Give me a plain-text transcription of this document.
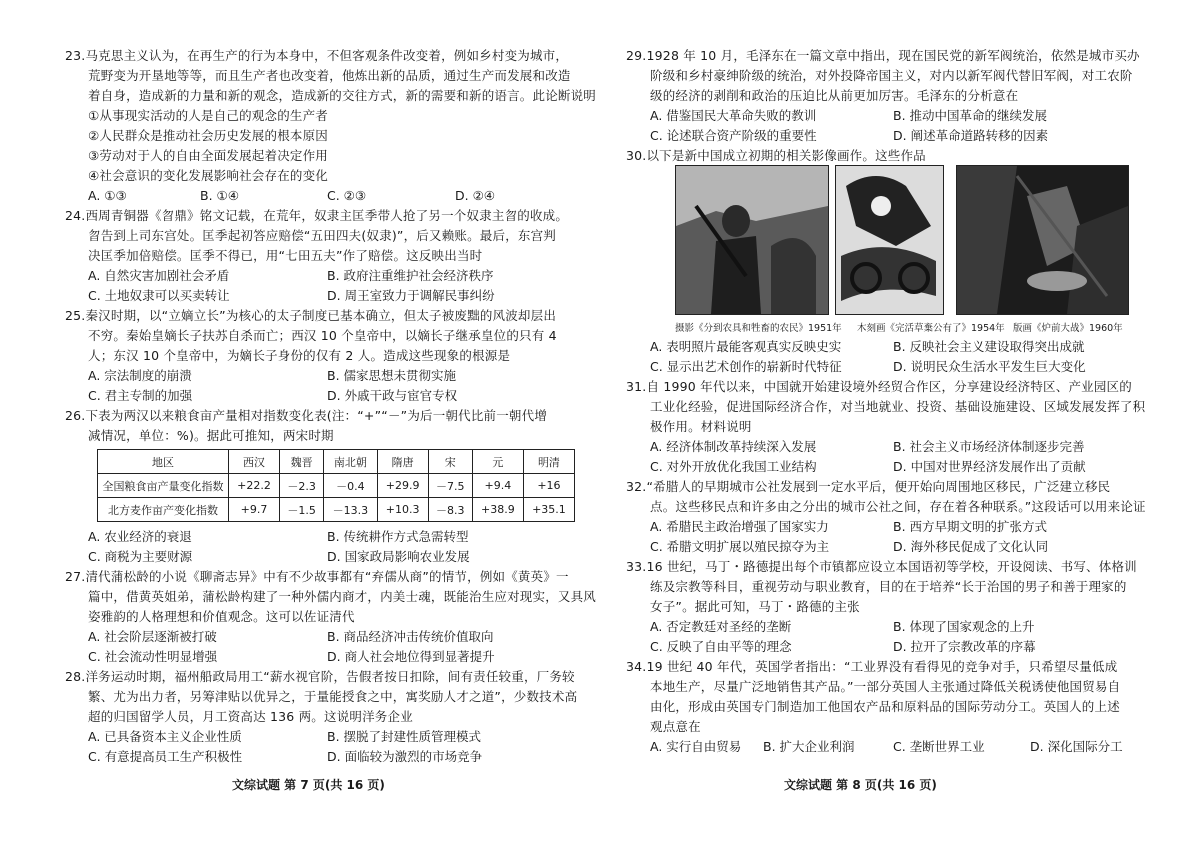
23.马克思主义认为，在再生产的行为本身中，不但客观条件改变着，例如乡村变为城市，
荒野变为开垦地等等，而且生产者也改变着，他炼出新的品质，通过生产而发展和改造
着自身，造成新的力量和新的观念，造成新的交往方式，新的需要和新的语言。此论断说明
①从事现实活动的人是自己的观念的生产者
②人民群众是推动社会历史发展的根本原因
③劳动对于人的自由全面发展起着决定作用
④社会意识的变化发展影响社会存在的变化
A. ①③	B. ①④	C. ②③	D. ②④
24.西周青铜器《曶鼎》铭文记载，在荒年，奴隶主匡季带人抢了另一个奴隶主曶的收成。
曶告到上司东宫处。匡季起初答应赔偿“五田四夫(奴隶)”，后又赖账。最后，东宫判
决匡季加倍赔偿。匡季不得已，用“七田五夫”作了赔偿。这反映出当时
A. 自然灾害加剧社会矛盾	B. 政府注重维护社会经济秩序
C. 土地奴隶可以买卖转让	D. 周王室致力于调解民事纠纷
25.秦汉时期，以“立嫡立长”为核心的太子制度已基本确立，但太子被废黜的风波却层出
不穷。秦始皇嫡长子扶苏自杀而亡；西汉 10 个皇帝中，以嫡长子继承皇位的只有 4
人；东汉 10 个皇帝中，为嫡长子身份的仅有 2 人。造成这些现象的根源是
A. 宗法制度的崩溃	B. 儒家思想未贯彻实施
C. 君主专制的加强	D. 外戚干政与宦官专权
26.下表为两汉以来粮食亩产量相对指数变化表(注：“+”“－”为后一朝代比前一朝代增
减情况，单位：%)。据此可推知，两宋时期
地区	西汉	魏晋	南北朝	隋唐	宋	元	明清
全国粮食亩产量变化指数	+22.2	－2.3	－0.4	+29.9	－7.5	+9.4	+16
北方麦作亩产变化指数	+9.7	－1.5	－13.3	+10.3	－8.3	+38.9	+35.1
A. 农业经济的衰退	B. 传统耕作方式急需转型
C. 商税为主要财源	D. 国家政局影响农业发展
27.清代蒲松龄的小说《聊斋志异》中有不少故事都有“弃儒从商”的情节，例如《黄英》一
篇中，借黄英姐弟，蒲松龄构建了一种外儒内商才，内美士魂，既能治生应对现实，又具风
姿雅韵的人格理想和价值观念。这可以佐证清代
A. 社会阶层逐渐被打破	B. 商品经济冲击传统价值取向
C. 社会流动性明显增强	D. 商人社会地位得到显著提升
28.洋务运动时期，福州船政局用工“薪水视官阶，告假者按日扣除，间有责任较重，厂务较
繁、尤为出力者，另筹津贴以优异之，于量能授食之中，寓奖励人才之道”，少数技术高
超的归国留学人员，月工资高达 136 两。这说明洋务企业
A. 已具备资本主义企业性质	B. 摆脱了封建性质管理模式
C. 有意提高员工生产积极性	D. 面临较为激烈的市场竞争
文综试题 第 7 页(共 16 页)
29.1928 年 10 月，毛泽东在一篇文章中指出，现在国民党的新军阀统治，依然是城市买办
阶级和乡村豪绅阶级的统治，对外投降帝国主义，对内以新军阀代替旧军阀，对工农阶
级的经济的剥削和政治的压迫比从前更加厉害。毛泽东的分析意在
A. 借鉴国民大革命失败的教训	B. 推动中国革命的继续发展
C. 论述联合资产阶级的重要性	D. 阐述革命道路转移的因素
30.以下是新中国成立初期的相关影像画作。这些作品
摄影《分到农具和牲畜的农民》1951年 木刻画《完活草棄公有了》1954年 版画《炉前大战》1960年
A. 表明照片最能客观真实反映史实	B. 反映社会主义建设取得突出成就
C. 显示出艺术创作的崭新时代特征	D. 说明民众生活水平发生巨大变化
31.自 1990 年代以来，中国就开始建设境外经贸合作区，分享建设经济特区、产业园区的
工业化经验，促进国际经济合作，对当地就业、投资、基础设施建设、区域发展发挥了积
极作用。材料说明
A. 经济体制改革持续深入发展	B. 社会主义市场经济体制逐步完善
C. 对外开放优化我国工业结构	D. 中国对世界经济发展作出了贡献
32.“希腊人的早期城市公社发展到一定水平后，便开始向周围地区移民，广泛建立移民
点。这些移民点和许多由之分出的城市公社之间，存在着各种联系。”这段话可以用来论证
A. 希腊民主政治增强了国家实力	B. 西方早期文明的扩张方式
C. 希腊文明扩展以殖民掠夺为主	D. 海外移民促成了文化认同
33.16 世纪，马丁・路德提出每个市镇都应设立本国语初等学校，开设阅读、书写、体格训
练及宗教等科目，重视劳动与职业教育，目的在于培养“长于治国的男子和善于理家的
女子”。据此可知，马丁・路德的主张
A. 否定教廷对圣经的垄断	B. 体现了国家观念的上升
C. 反映了自由平等的理念	D. 拉开了宗教改革的序幕
34.19 世纪 40 年代，英国学者指出：“工业界没有看得见的竞争对手，只希望尽量低成
本地生产，尽量广泛地销售其产品。”一部分英国人主张通过降低关税诱使他国贸易自
由化，形成由英国专门制造加工他国农产品和原料品的国际劳动分工。英国人的上述
观点意在
A. 实行自由贸易 B. 扩大企业利润	C. 垄断世界工业	D. 深化国际分工
文综试题 第 8 页(共 16 页)
